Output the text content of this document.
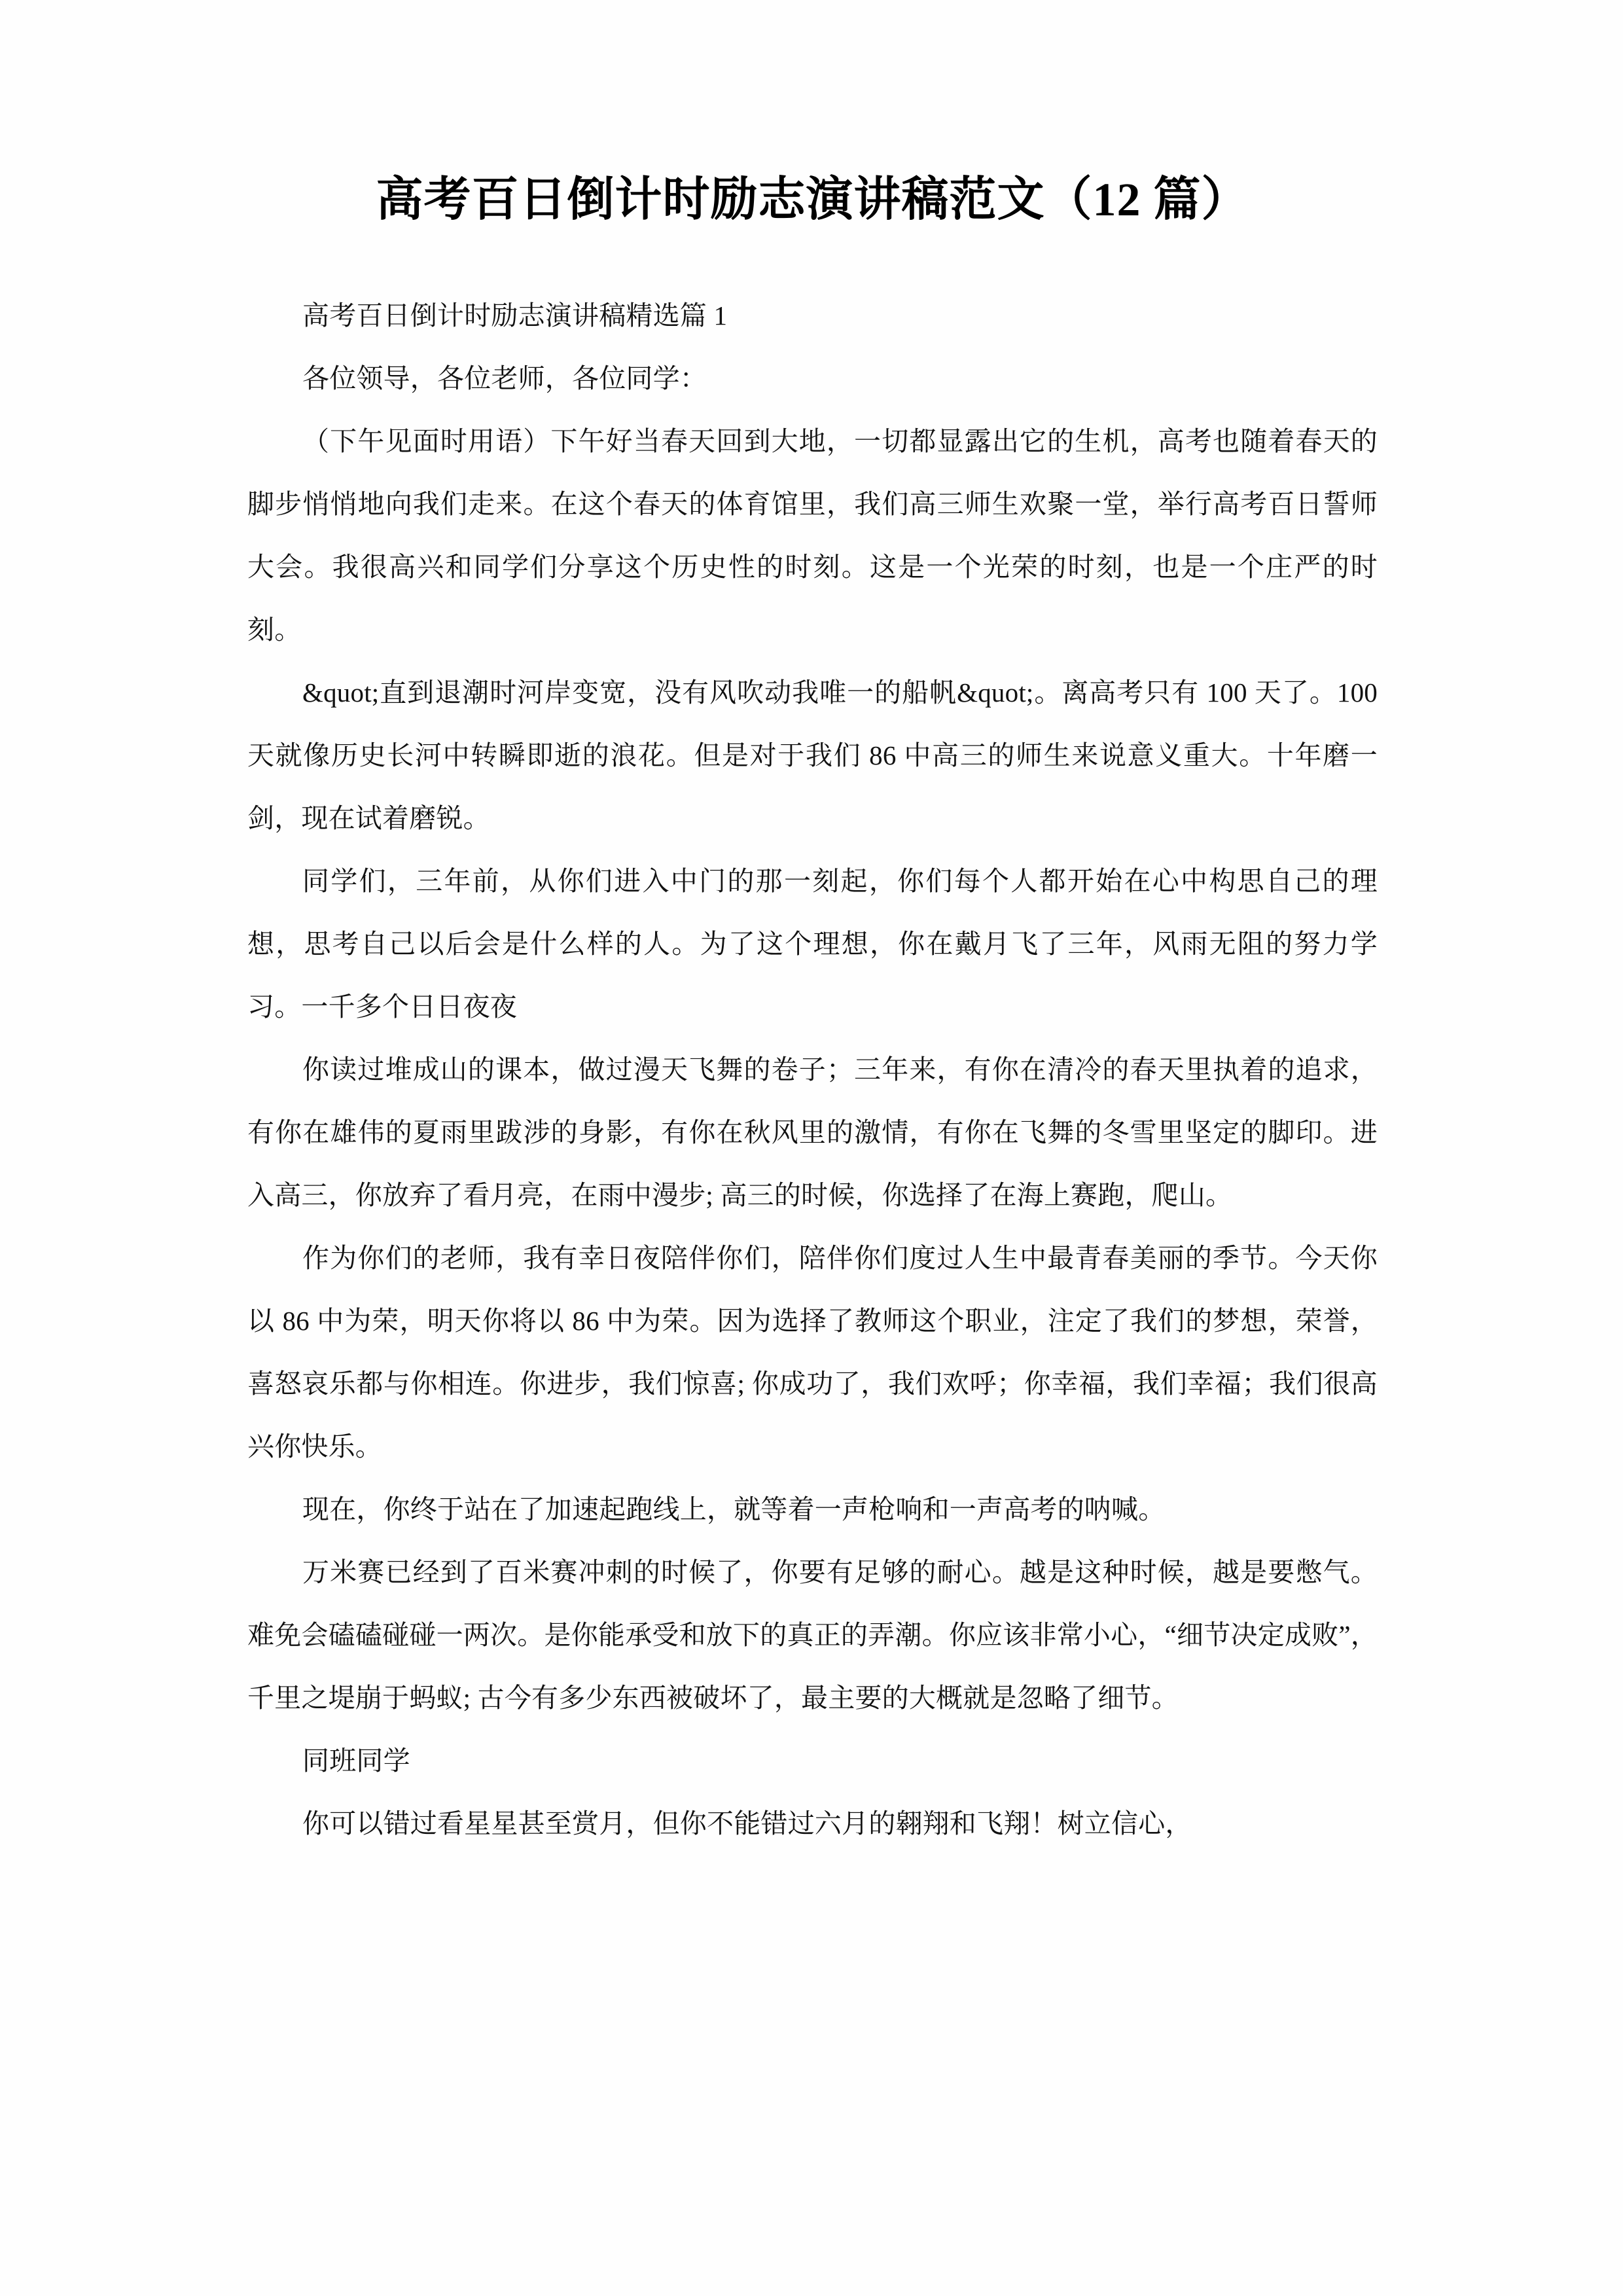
高考百日倒计时励志演讲稿范文（12 篇）

高考百日倒计时励志演讲稿精选篇 1

各位领导，各位老师，各位同学：

（下午见面时用语）下午好当春天回到大地，一切都显露出它的生机，高考也随着春天的脚步悄悄地向我们走来。在这个春天的体育馆里，我们高三师生欢聚一堂，举行高考百日誓师大会。我很高兴和同学们分享这个历史性的时刻。这是一个光荣的时刻，也是一个庄严的时刻。

&quot;直到退潮时河岸变宽，没有风吹动我唯一的船帆&quot;。离高考只有 100 天了。100 天就像历史长河中转瞬即逝的浪花。但是对于我们 86 中高三的师生来说意义重大。十年磨一剑，现在试着磨锐。

同学们，三年前，从你们进入中门的那一刻起，你们每个人都开始在心中构思自己的理想，思考自己以后会是什么样的人。为了这个理想，你在戴月飞了三年，风雨无阻的努力学习。一千多个日日夜夜

你读过堆成山的课本，做过漫天飞舞的卷子；三年来，有你在清冷的春天里执着的追求，有你在雄伟的夏雨里跋涉的身影，有你在秋风里的激情，有你在飞舞的冬雪里坚定的脚印。进入高三，你放弃了看月亮，在雨中漫步; 高三的时候，你选择了在海上赛跑，爬山。

作为你们的老师，我有幸日夜陪伴你们，陪伴你们度过人生中最青春美丽的季节。今天你以 86 中为荣，明天你将以 86 中为荣。因为选择了教师这个职业，注定了我们的梦想，荣誉，喜怒哀乐都与你相连。你进步，我们惊喜; 你成功了，我们欢呼；你幸福，我们幸福；我们很高兴你快乐。

现在，你终于站在了加速起跑线上，就等着一声枪响和一声高考的呐喊。

万米赛已经到了百米赛冲刺的时候了，你要有足够的耐心。越是这种时候，越是要憋气。难免会磕磕碰碰一两次。是你能承受和放下的真正的弄潮。你应该非常小心，“细节决定成败”，千里之堤崩于蚂蚁; 古今有多少东西被破坏了，最主要的大概就是忽略了细节。

同班同学

你可以错过看星星甚至赏月，但你不能错过六月的翱翔和飞翔！树立信心，
